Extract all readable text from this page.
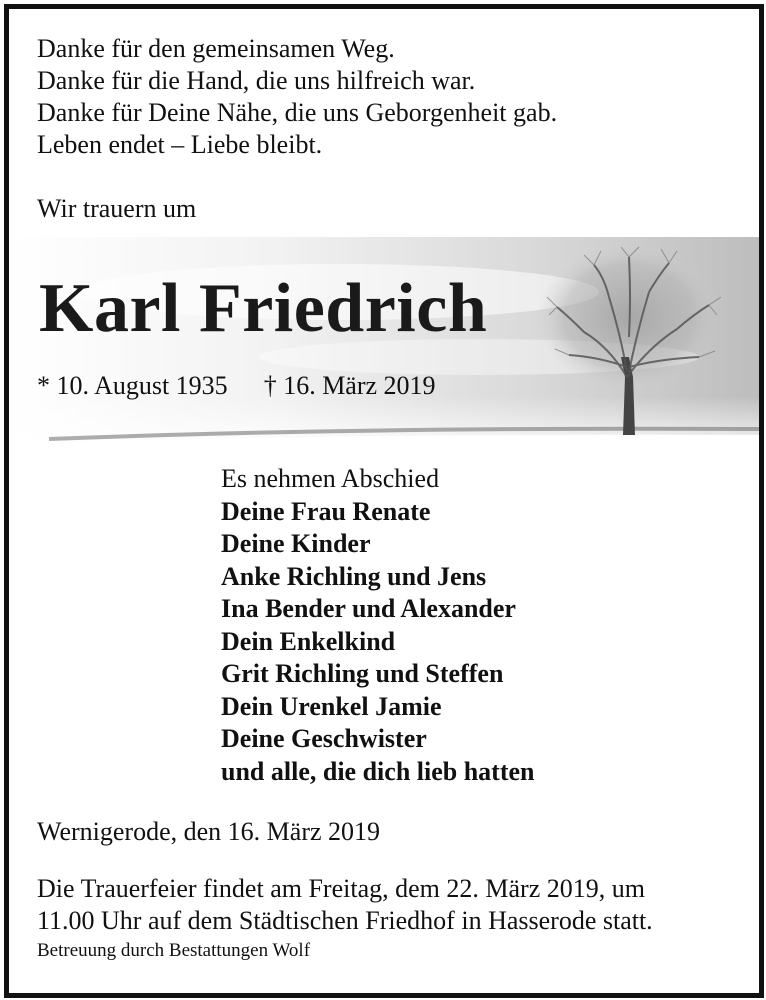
Danke für den gemeinsamen Weg.
Danke für die Hand, die uns hilfreich war.
Danke für Deine Nähe, die uns Geborgenheit gab.
Leben endet – Liebe bleibt.
Wir trauern um
Karl Friedrich
* 10. August 1935 † 16. März 2019
Es nehmen Abschied
Deine Frau Renate
Deine Kinder
Anke Richling und Jens
Ina Bender und Alexander
Dein Enkelkind
Grit Richling und Steffen
Dein Urenkel Jamie
Deine Geschwister
und alle, die dich lieb hatten
Wernigerode, den 16. März 2019
Die Trauerfeier findet am Freitag, dem 22. März 2019, um
11.00 Uhr auf dem Städtischen Friedhof in Hasserode statt.
Betreuung durch Bestattungen Wolf
